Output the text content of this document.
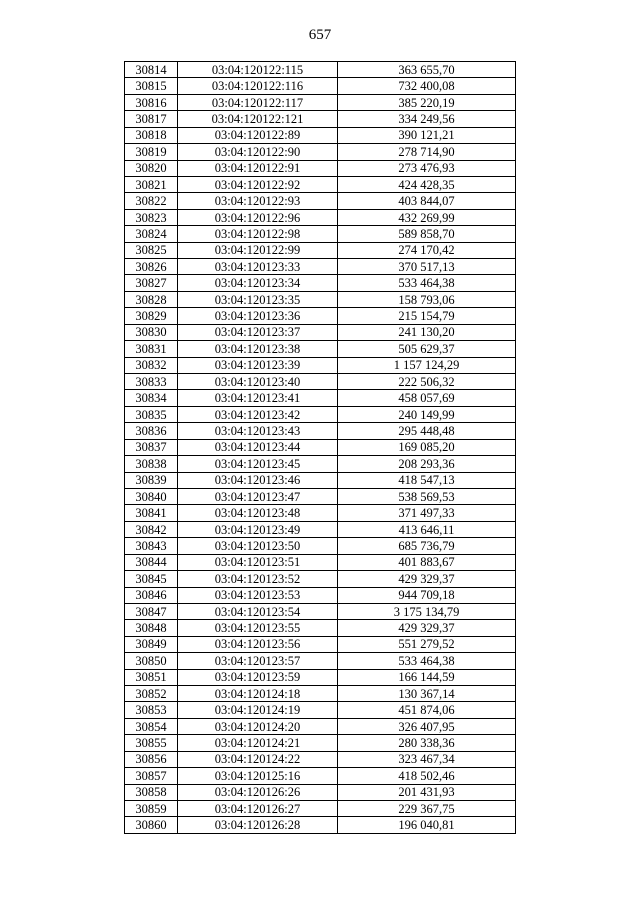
657
30814	03:04:120122:115	363 655,70
30815	03:04:120122:116	732 400,08
30816	03:04:120122:117	385 220,19
30817	03:04:120122:121	334 249,56
30818	03:04:120122:89	390 121,21
30819	03:04:120122:90	278 714,90
30820	03:04:120122:91	273 476,93
30821	03:04:120122:92	424 428,35
30822	03:04:120122:93	403 844,07
30823	03:04:120122:96	432 269,99
30824	03:04:120122:98	589 858,70
30825	03:04:120122:99	274 170,42
30826	03:04:120123:33	370 517,13
30827	03:04:120123:34	533 464,38
30828	03:04:120123:35	158 793,06
30829	03:04:120123:36	215 154,79
30830	03:04:120123:37	241 130,20
30831	03:04:120123:38	505 629,37
30832	03:04:120123:39	1 157 124,29
30833	03:04:120123:40	222 506,32
30834	03:04:120123:41	458 057,69
30835	03:04:120123:42	240 149,99
30836	03:04:120123:43	295 448,48
30837	03:04:120123:44	169 085,20
30838	03:04:120123:45	208 293,36
30839	03:04:120123:46	418 547,13
30840	03:04:120123:47	538 569,53
30841	03:04:120123:48	371 497,33
30842	03:04:120123:49	413 646,11
30843	03:04:120123:50	685 736,79
30844	03:04:120123:51	401 883,67
30845	03:04:120123:52	429 329,37
30846	03:04:120123:53	944 709,18
30847	03:04:120123:54	3 175 134,79
30848	03:04:120123:55	429 329,37
30849	03:04:120123:56	551 279,52
30850	03:04:120123:57	533 464,38
30851	03:04:120123:59	166 144,59
30852	03:04:120124:18	130 367,14
30853	03:04:120124:19	451 874,06
30854	03:04:120124:20	326 407,95
30855	03:04:120124:21	280 338,36
30856	03:04:120124:22	323 467,34
30857	03:04:120125:16	418 502,46
30858	03:04:120126:26	201 431,93
30859	03:04:120126:27	229 367,75
30860	03:04:120126:28	196 040,81
